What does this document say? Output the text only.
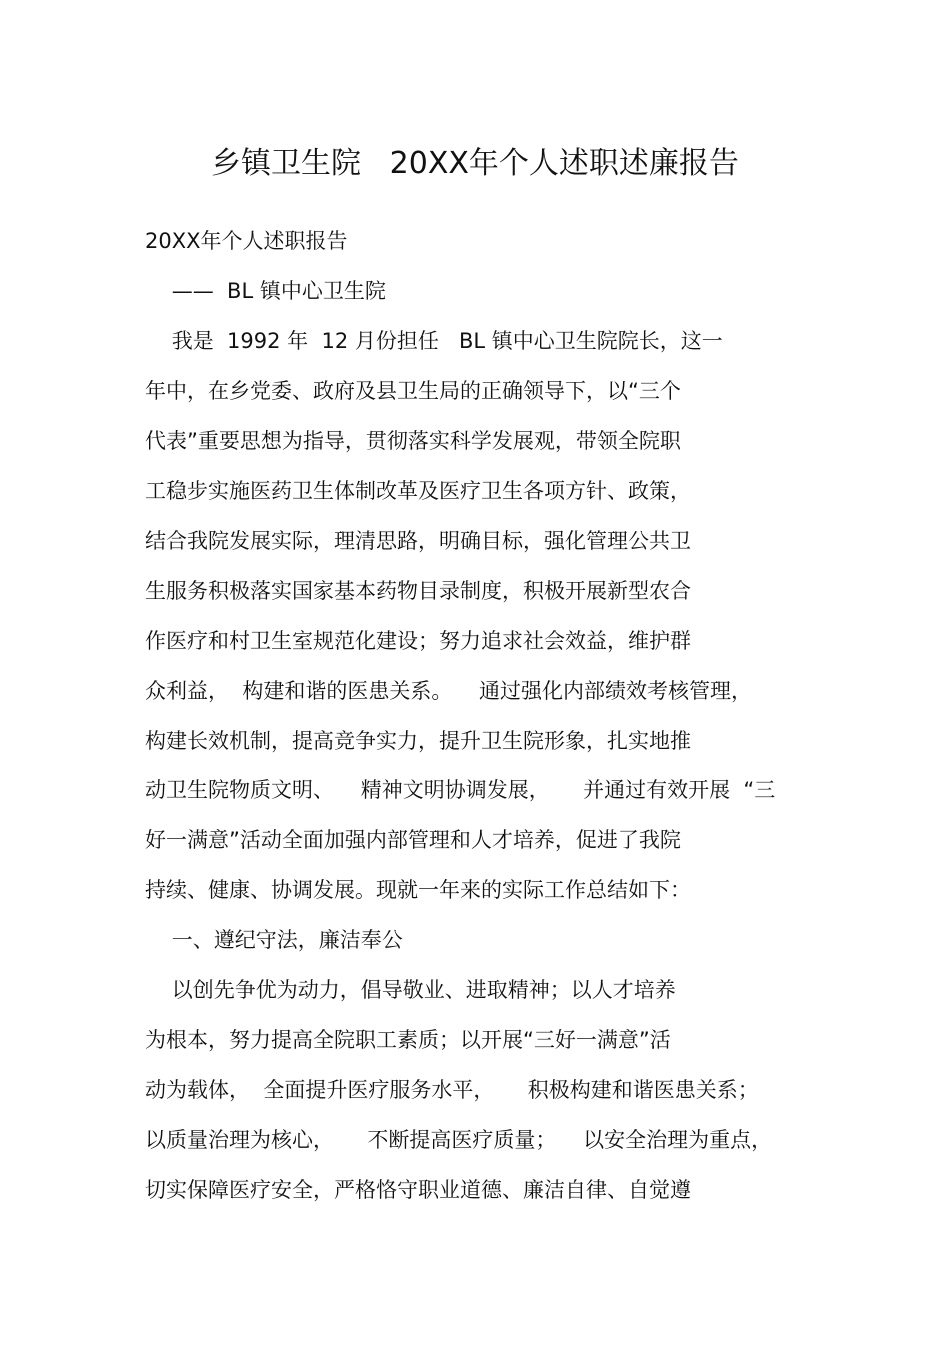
乡镇卫生院   20XX年个人述职述廉报告
20XX年个人述职报告
——  BL 镇中心卫生院
我是  1992 年  12 月份担任   BL 镇中心卫生院院长，这一
年中，在乡党委、政府及县卫生局的正确领导下，以“三个
代表”重要思想为指导，贯彻落实科学发展观，带领全院职
工稳步实施医药卫生体制改革及医疗卫生各项方针、政策，
结合我院发展实际，理清思路，明确目标，强化管理公共卫
生服务积极落实国家基本药物目录制度，积极开展新型农合
作医疗和村卫生室规范化建设；努力追求社会效益，维护群
众利益，  构建和谐的医患关系。    通过强化内部绩效考核管理，
构建长效机制，提高竞争实力，提升卫生院形象，扎实地推
动卫生院物质文明、    精神文明协调发展，     并通过有效开展  “三
好一满意”活动全面加强内部管理和人才培养，促进了我院
持续、健康、协调发展。现就一年来的实际工作总结如下：
一、遵纪守法，廉洁奉公
以创先争优为动力，倡导敬业、进取精神；以人才培养
为根本，努力提高全院职工素质；以开展“三好一满意”活
动为载体，  全面提升医疗服务水平，     积极构建和谐医患关系；
以质量治理为核心，     不断提高医疗质量；    以安全治理为重点，
切实保障医疗安全，严格恪守职业道德、廉洁自律、自觉遵
